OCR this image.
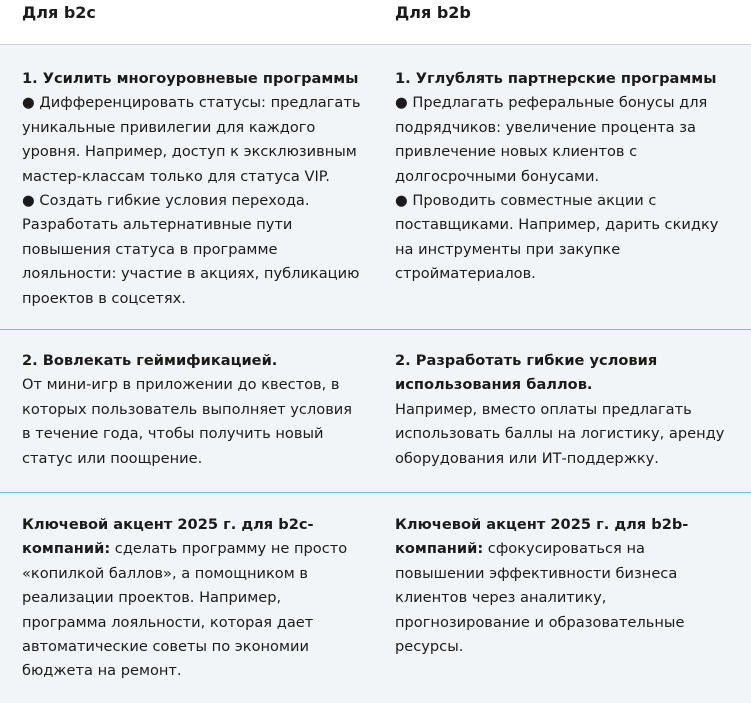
Для b2c	Для b2b
1. Усилить многоуровневые программы
● Дифференцировать статусы: предлагать
уникальные привилегии для каждого
уровня. Например, доступ к эксклюзивным
мастер-классам только для статуса VIP.
● Создать гибкие условия перехода.
Разработать альтернативные пути
повышения статуса в программе
лояльности: участие в акциях, публикацию
проектов в соцсетях.
1. Углублять партнерские программы
● Предлагать реферальные бонусы для
подрядчиков: увеличение процента за
привлечение новых клиентов с
долгосрочными бонусами.
● Проводить совместные акции с
поставщиками. Например, дарить скидку
на инструменты при закупке
стройматериалов.
2. Вовлекать геймификацией.
От мини-игр в приложении до квестов, в
которых пользователь выполняет условия
в течение года, чтобы получить новый
статус или поощрение.
2. Разработать гибкие условия
использования баллов.
Например, вместо оплаты предлагать
использовать баллы на логистику, аренду
оборудования или ИТ-поддержку.
Ключевой акцент 2025 г. для b2c-
компаний: сделать программу не просто
«копилкой баллов», а помощником в
реализации проектов. Например,
программа лояльности, которая дает
автоматические советы по экономии
бюджета на ремонт.
Ключевой акцент 2025 г. для b2b-
компаний: сфокусироваться на
повышении эффективности бизнеса
клиентов через аналитику,
прогнозирование и образовательные
ресурсы.
